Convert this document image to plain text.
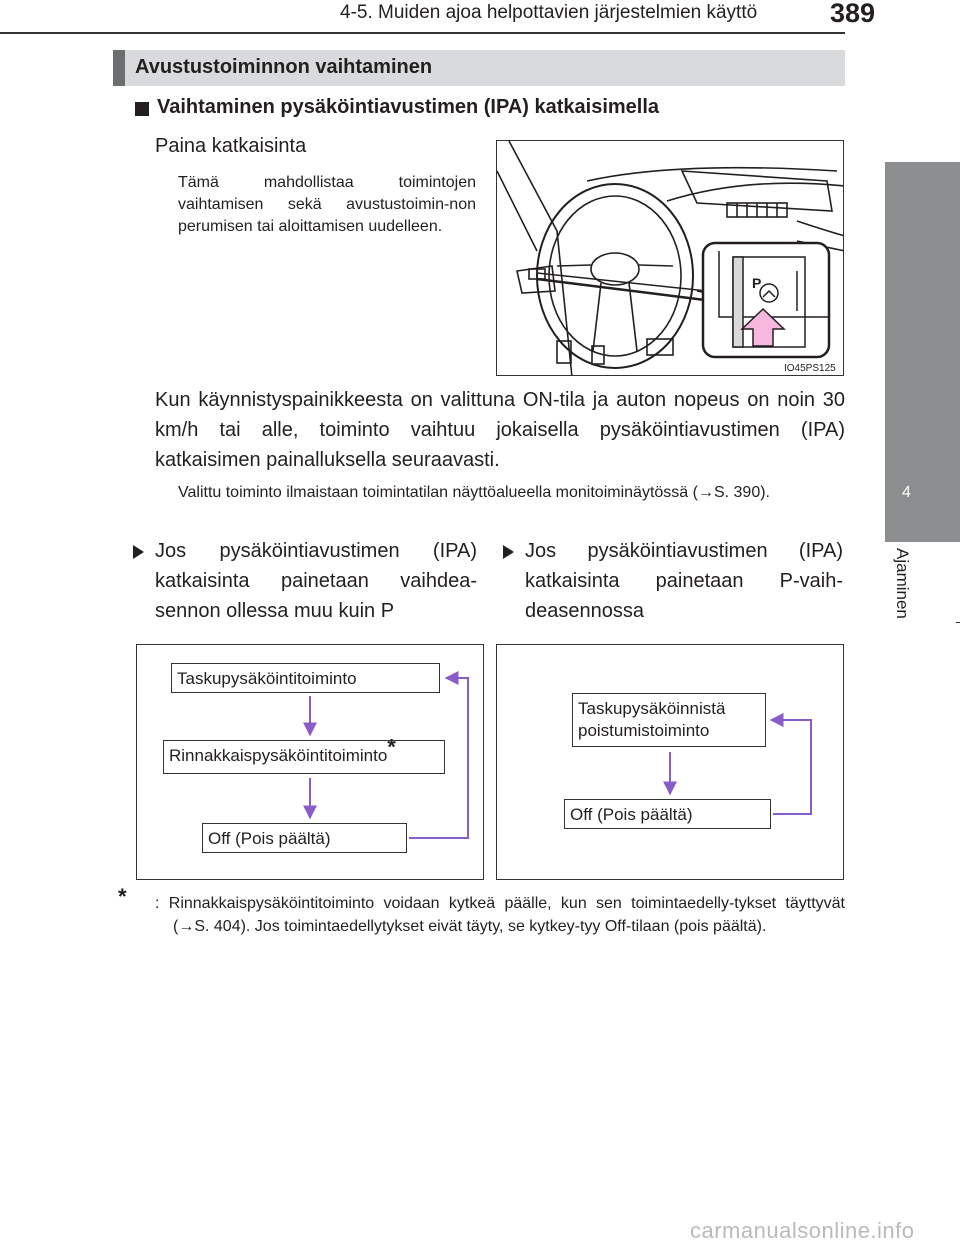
4-5. Muiden ajoa helpottavien järjestelmien käyttö	389
4
Ajaminen
Avustustoiminnon vaihtaminen
Vaihtaminen pysäköintiavustimen (IPA) katkaisimella
Paina katkaisinta
Tämä mahdollistaa toimintojen vaihtamisen sekä avustustoimin-non perumisen tai aloittamisen uudelleen.
P
IO45PS125
Kun käynnistyspainikkeesta on valittuna ON-tila ja auton nopeus on noin 30 km/h tai alle, toiminto vaihtuu jokaisella pysäköintiavustimen (IPA) katkaisimen painalluksella seuraavasti.
Valittu toiminto ilmaistaan toimintatilan näyttöalueella monitoiminäytössä (→S. 390).
Jos pysäköintiavustimen (IPA) katkaisinta painetaan vaihdea-sennon ollessa muu kuin P
Jos pysäköintiavustimen (IPA) katkaisinta painetaan P-vaih-deasennossa
Taskupysäköintitoiminto
Rinnakkaispysäköintitoiminto*
Off (Pois päältä)
Taskupysäköinnistä poistumistoiminto
Off (Pois päältä)
* : Rinnakkaispysäköintitoiminto voidaan kytkeä päälle, kun sen toimintaedelly-tykset täyttyvät (→S. 404). Jos toimintaedellytykset eivät täyty, se kytkey-tyy Off-tilaan (pois päältä).
carmanualsonline.info
